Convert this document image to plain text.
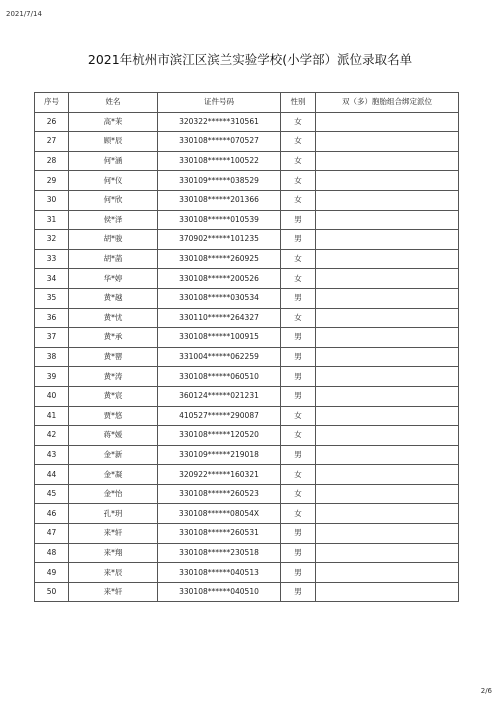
2021/7/14
2021年杭州市滨江区滨兰实验学校(小学部）派位录取名单
序号	姓名	证件号码	性别	双（多）胞胎组合绑定派位
26	高*茉	320322******310561	女	
27	顾*辰	330108******070527	女	
28	何*涵	330108******100522	女	
29	何*仪	330109******038529	女	
30	何*欣	330108******201366	女	
31	侯*泽	330108******010539	男	
32	胡*骏	370902******101235	男	
33	胡*菡	330108******260925	女	
34	华*婷	330108******200526	女	
35	黄*越	330108******030534	男	
36	黄*忧	330110******264327	女	
37	黄*承	330108******100915	男	
38	黄*罂	331004******062259	男	
39	黄*涛	330108******060510	男	
40	黄*宸	360124******021231	男	
41	贾*悠	410527******290087	女	
42	蒋*媛	330108******120520	女	
43	金*新	330109******219018	男	
44	金*凝	320922******160321	女	
45	金*怡	330108******260523	女	
46	孔*玥	330108******08054X	女	
47	来*轩	330108******260531	男	
48	来*翔	330108******230518	男	
49	来*辰	330108******040513	男	
50	来*轩	330108******040510	男	
2/6
